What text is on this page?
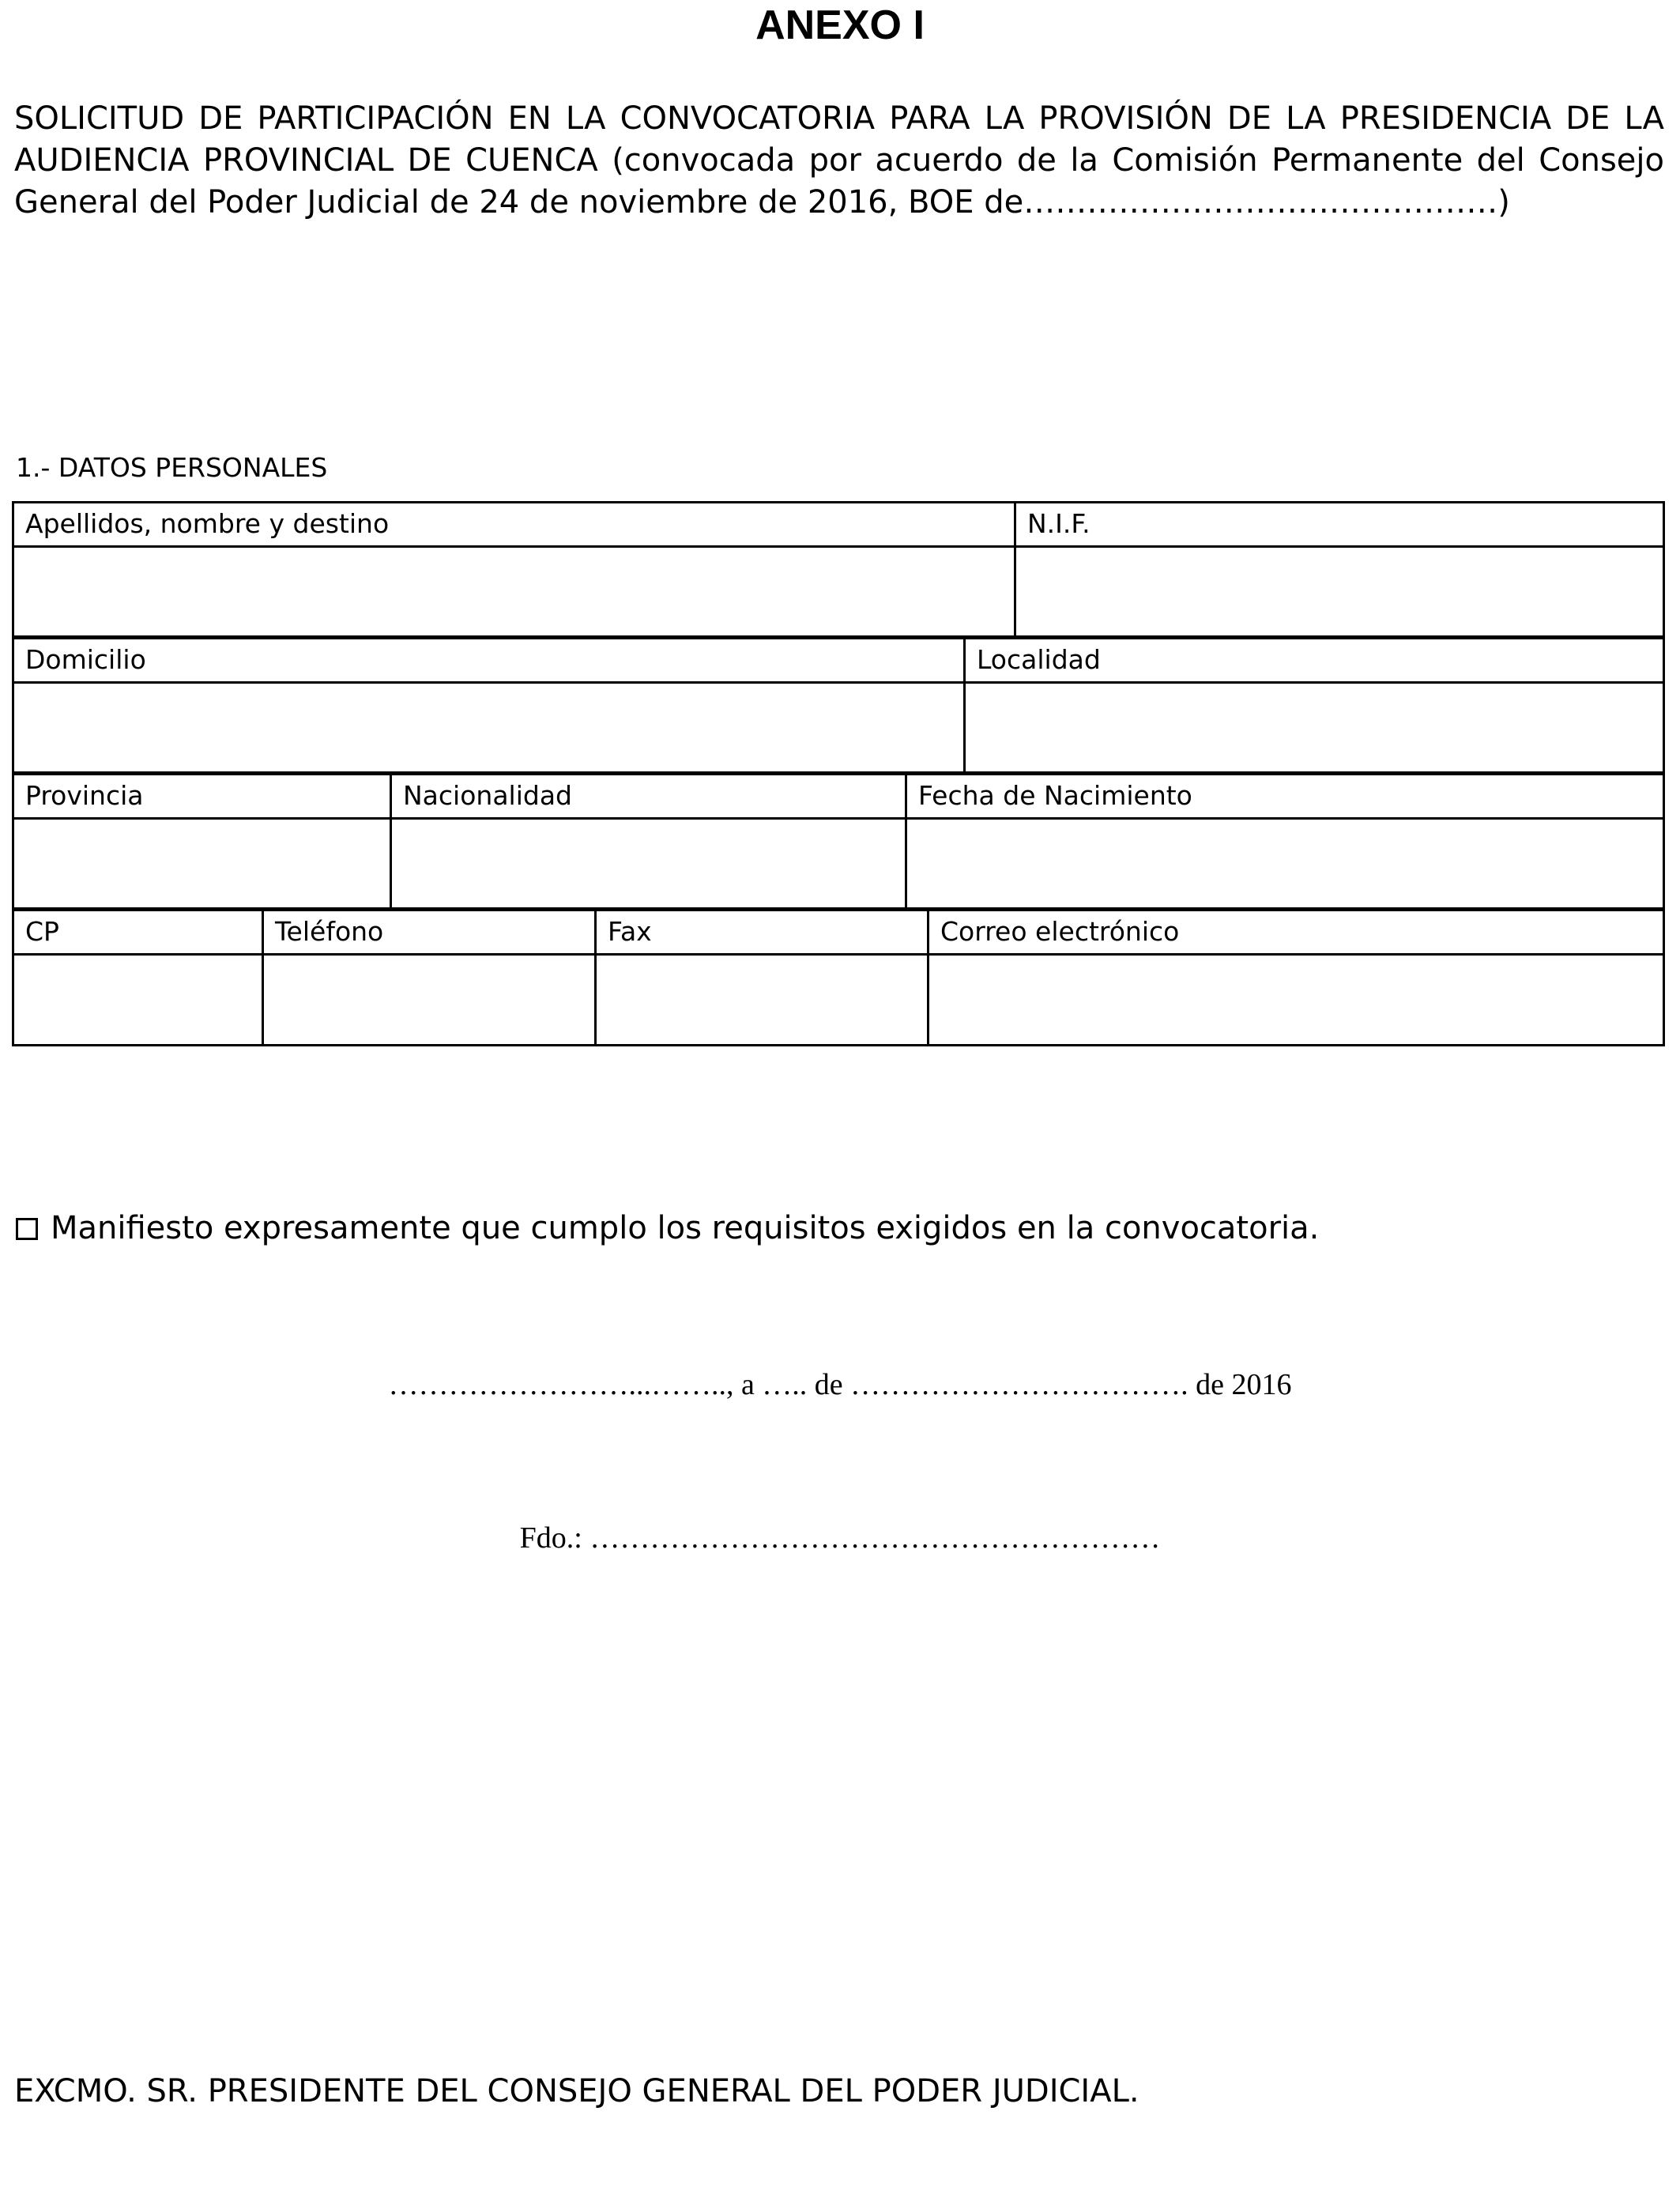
ANEXO I

SOLICITUD DE PARTICIPACIÓN EN LA CONVOCATORIA PARA LA PROVISIÓN DE LA PRESIDENCIA DE LA AUDIENCIA PROVINCIAL DE CUENCA (convocada por acuerdo de la Comisión Permanente del Consejo General del Poder Judicial de 24 de noviembre de 2016, BOE de………………………………………)

1.- DATOS PERSONALES
Apellidos, nombre y destino	N.I.F.
Domicilio	Localidad
Provincia	Nacionalidad	Fecha de Nacimiento
CP	Teléfono	Fax	Correo electrónico
Manifiesto expresamente que cumplo los requisitos exigidos en la convocatoria.
……………………...…….., a ….. de ……………………………. de 2016
Fdo.: …………………………………………………
EXCMO. SR. PRESIDENTE DEL CONSEJO GENERAL DEL PODER JUDICIAL.
